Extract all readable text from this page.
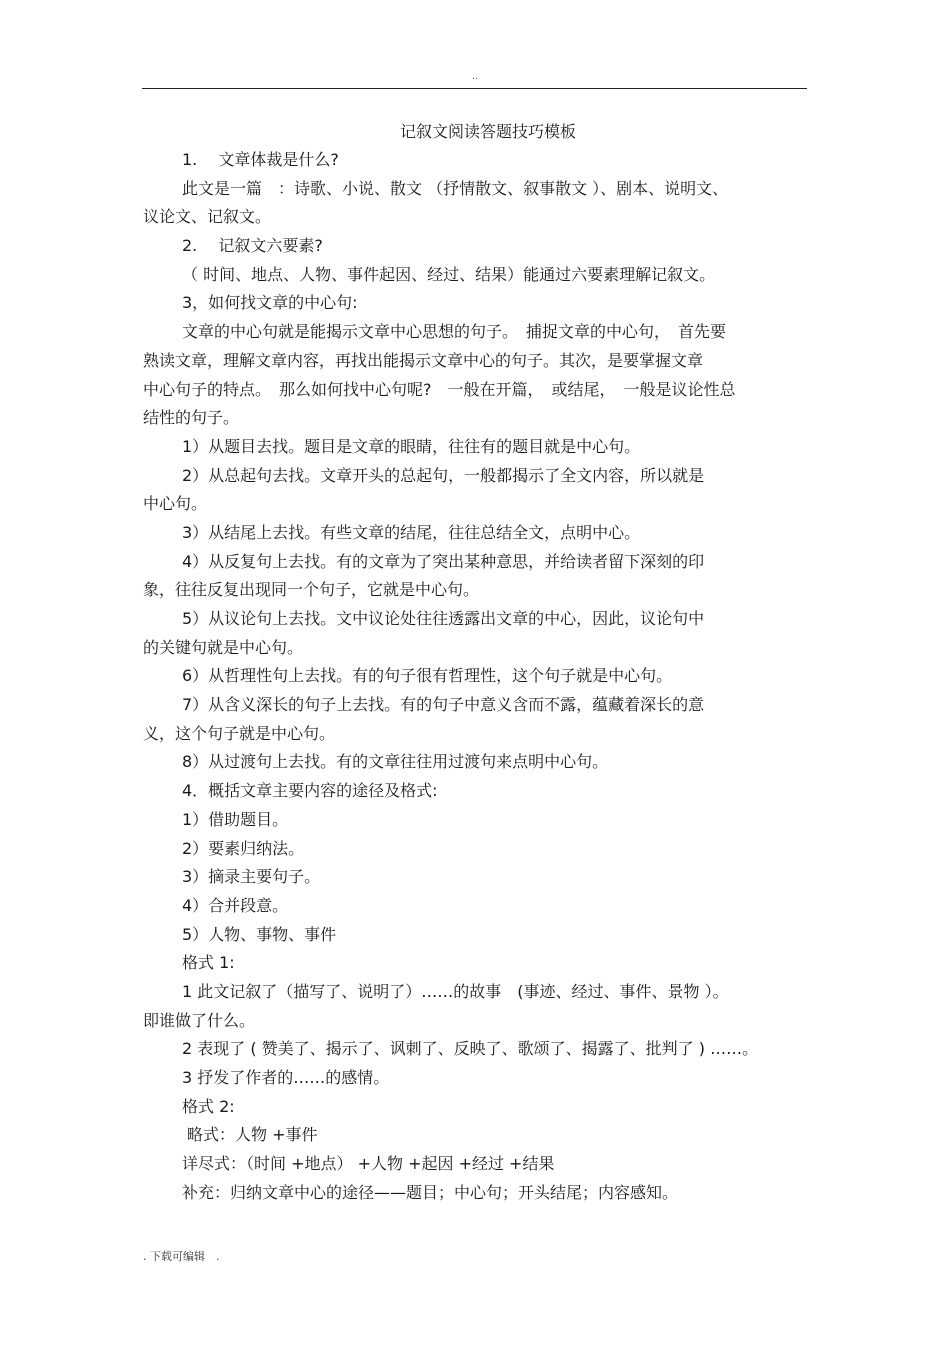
..
记叙文阅读答题技巧模板
1.　 文章体裁是什么?
此文是一篇　：诗歌、小说、散文 （抒情散文、叙事散文 ）、剧本、说明文、
议论文、记叙文。
2.　 记叙文六要素?
（ 时间、地点、人物、事件起因、经过、结果）能通过六要素理解记叙文。
3，如何找文章的中心句:
文章的中心句就是能揭示文章中心思想的句子。　捕捉文章的中心句，　首先要
熟读文章，理解文章内容，再找出能揭示文章中心的句子。其次，是要掌握文章
中心句子的特点。　那么如何找中心句呢?　一般在开篇，　或结尾，　一般是议论性总
结性的句子。
1）从题目去找。题目是文章的眼睛，往往有的题目就是中心句。
2）从总起句去找。文章开头的总起句，一般都揭示了全文内容，所以就是
中心句。
3）从结尾上去找。有些文章的结尾，往往总结全文，点明中心。
4）从反复句上去找。有的文章为了突出某种意思，并给读者留下深刻的印
象，往往反复出现同一个句子，它就是中心句。
5）从议论句上去找。文中议论处往往透露出文章的中心，因此，议论句中
的关键句就是中心句。
6）从哲理性句上去找。有的句子很有哲理性，这个句子就是中心句。
7）从含义深长的句子上去找。有的句子中意义含而不露，蕴藏着深长的意
义，这个句子就是中心句。
8）从过渡句上去找。有的文章往往用过渡句来点明中心句。
4．概括文章主要内容的途径及格式:
1）借助题目。
2）要素归纳法。
3）摘录主要句子。
4）合并段意。
5）人物、事物、事件
格式 1:
1 此文记叙了（描写了、说明了）……的故事　(事迹、经过、事件、景物 ）。
即谁做了什么。
2 表现了 ( 赞美了、揭示了、讽刺了、反映了、歌颂了、揭露了、批判了 ) ……。
3 抒发了作者的……的感情。
格式 2:
略式：人物 +事件
详尽式：（时间 +地点） +人物 +起因 +经过 +结果
补充：归纳文章中心的途径——题目；中心句；开头结尾；内容感知。
. 下载可编辑　.
